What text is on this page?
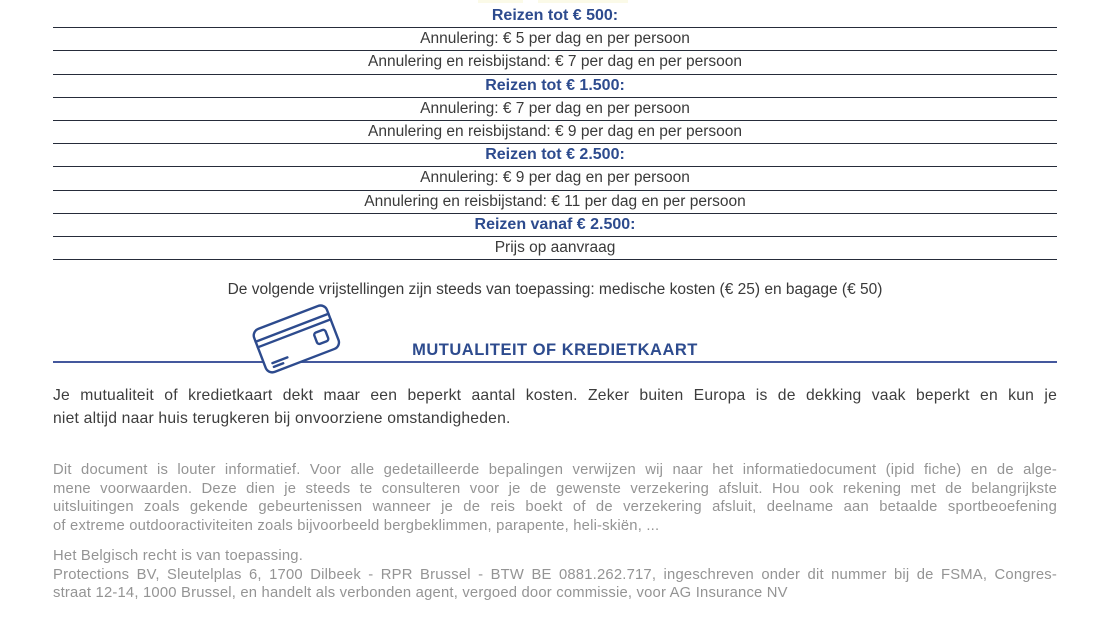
Reizen tot € 500:
Annulering: € 5 per dag en per persoon
Annulering en reisbijstand: € 7 per dag en per persoon
Reizen tot € 1.500:
Annulering: € 7 per dag en per persoon
Annulering en reisbijstand: € 9 per dag en per persoon
Reizen tot € 2.500:
Annulering: € 9 per dag en per persoon
Annulering en reisbijstand: € 11 per dag en per persoon
Reizen vanaf € 2.500:
Prijs op aanvraag
De volgende vrijstellingen zijn steeds van toepassing: medische kosten (€ 25) en bagage (€ 50)
MUTUALITEIT OF KREDIETKAART
Je mutualiteit of kredietkaart dekt maar een beperkt aantal kosten. Zeker buiten Europa is de dekking vaak beperkt en kun je
niet altijd naar huis terugkeren bij onvoorziene omstandigheden.
Dit document is louter informatief. Voor alle gedetailleerde bepalingen verwijzen wij naar het informatiedocument (ipid fiche) en de alge-
mene voorwaarden. Deze dien je steeds te consulteren voor je de gewenste verzekering afsluit. Hou ook rekening met de belangrijkste
uitsluitingen zoals gekende gebeurtenissen wanneer je de reis boekt of de verzekering afsluit, deelname aan betaalde sportbeoefening
of extreme outdooractiviteiten zoals bijvoorbeeld bergbeklimmen, parapente, heli-skiën, ...
Het Belgisch recht is van toepassing.
Protections BV, Sleutelplas 6, 1700 Dilbeek - RPR Brussel - BTW BE 0881.262.717, ingeschreven onder dit nummer bij de FSMA, Congres-
straat 12-14, 1000 Brussel, en handelt als verbonden agent, vergoed door commissie, voor AG Insurance NV
